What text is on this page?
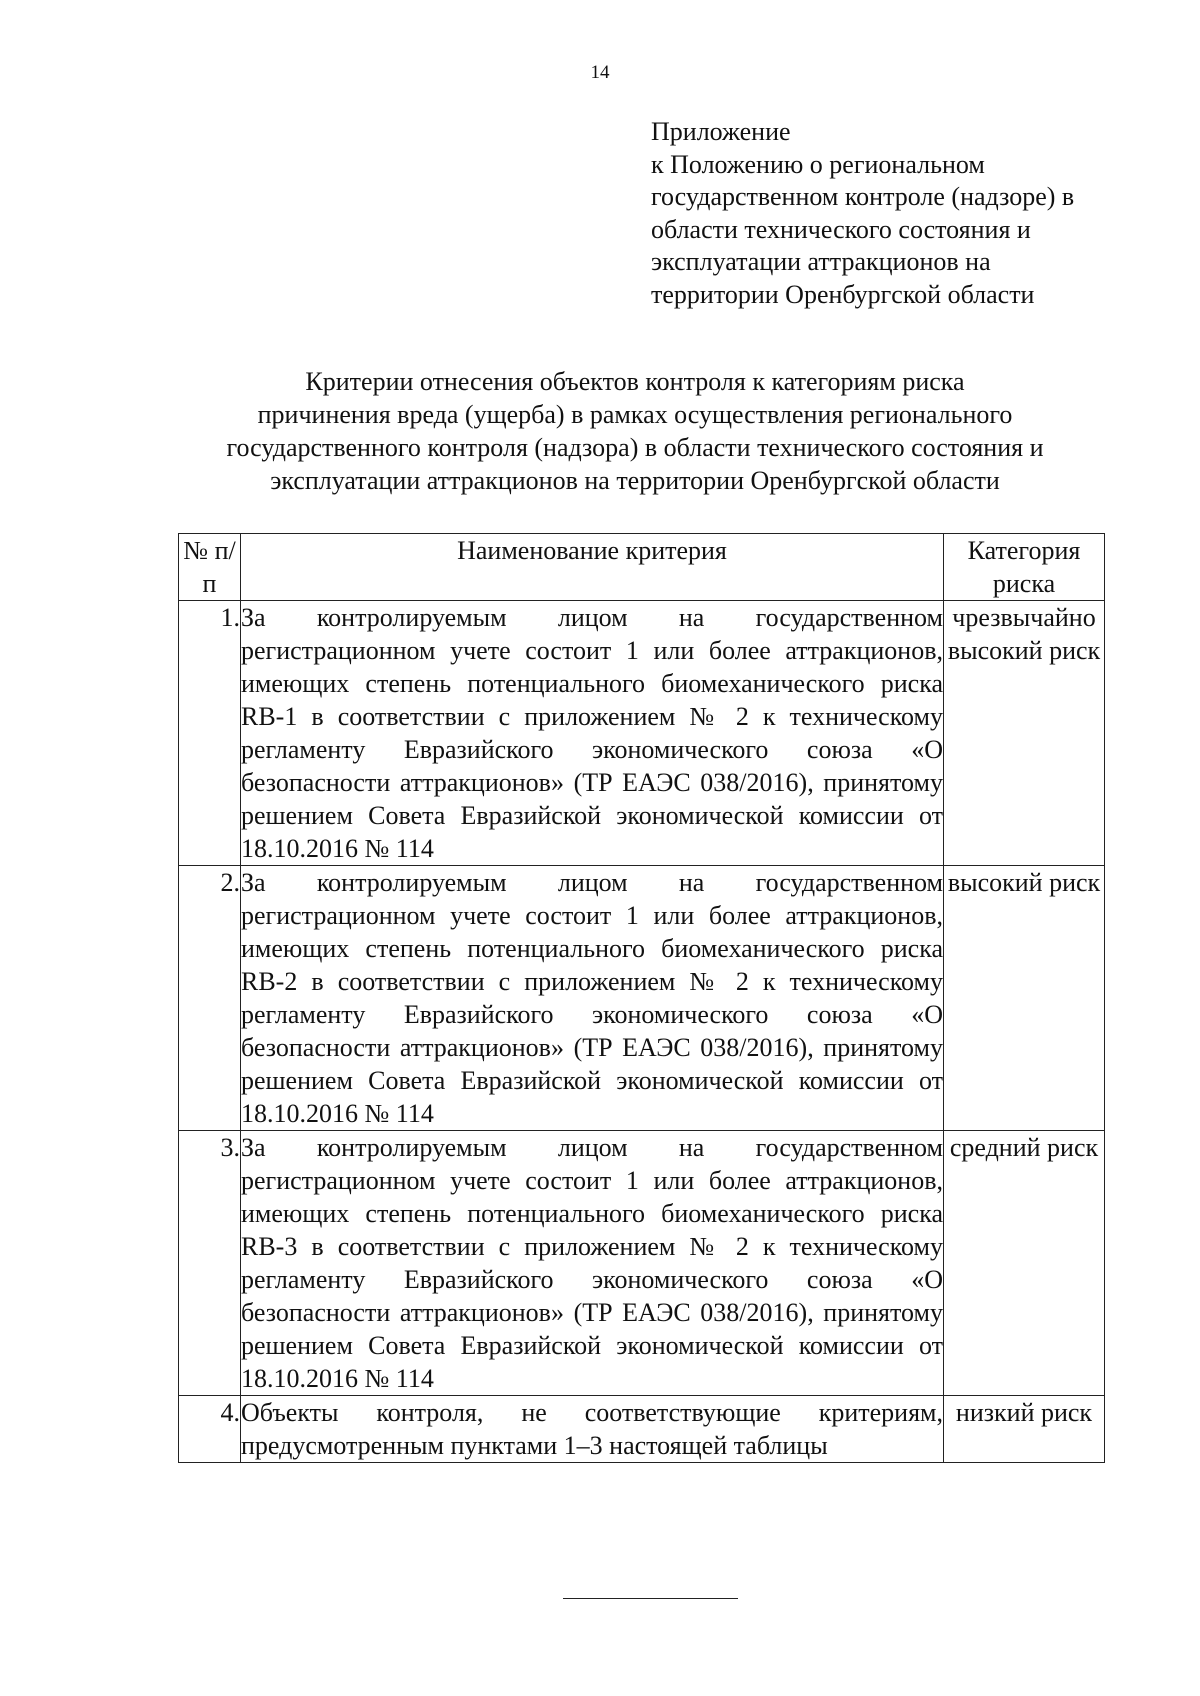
14
Приложение
к Положению о региональном
государственном контроле (надзоре) в
области технического состояния и
эксплуатации аттракционов на
территории Оренбургской области
Критерии отнесения объектов контроля к категориям риска
причинения вреда (ущерба) в рамках осуществления регионального
государственного контроля (надзора) в области технического состояния и
эксплуатации аттракционов на территории Оренбургской области
№ п/п	Наименование критерия	Категория риска
1.	За контролируемым лицом на государственном регистрационном учете состоит 1 или более аттракционов, имеющих степень потенциального биомеханического риска RB-1 в соответствии с приложением № 2 к техническому регламенту Евразийского экономического союза «О безопасности аттракционов» (ТР ЕАЭС 038/2016), принятому решением Совета Евразийской экономической комиссии от 18.10.2016 № 114	чрезвычайно высокий риск
2.	За контролируемым лицом на государственном регистрационном учете состоит 1 или более аттракционов, имеющих степень потенциального биомеханического риска RB-2 в соответствии с приложением № 2 к техническому регламенту Евразийского экономического союза «О безопасности аттракционов» (ТР ЕАЭС 038/2016), принятому решением Совета Евразийской экономической комиссии от 18.10.2016 № 114	высокий риск
3.	За контролируемым лицом на государственном регистрационном учете состоит 1 или более аттракционов, имеющих степень потенциального биомеханического риска RB-3 в соответствии с приложением № 2 к техническому регламенту Евразийского экономического союза «О безопасности аттракционов» (ТР ЕАЭС 038/2016), принятому решением Совета Евразийской экономической комиссии от 18.10.2016 № 114	средний риск
4.	Объекты контроля, не соответствующие критериям, предусмотренным пунктами 1–3 настоящей таблицы	низкий риск
